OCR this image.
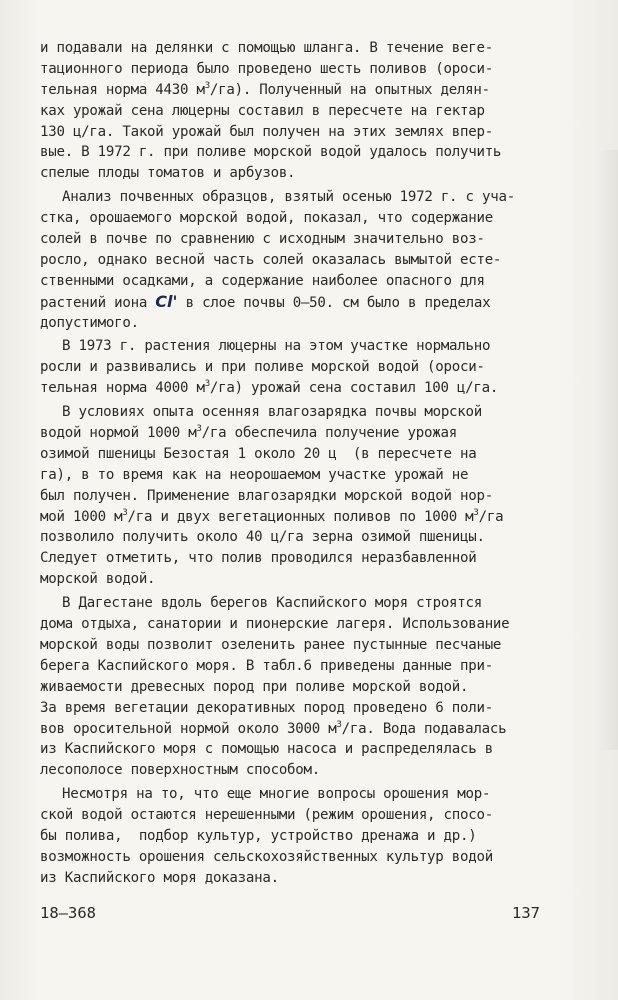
и подавали на делянки с помощью шланга. В течение веге-
тационного периода было проведено шесть поливов (ороси-
тельная норма 4430 $м^3/га$). Полученный на опытных делян-
ках урожай сена люцерны составил в пересчете на гектар
130 ц/га. Такой урожай был получен на этих землях впер-
вые. В 1972 г. при поливе морской водой удалось получить
спелые плоды томатов и арбузов.
Анализ почвенных образцов, взятый осенью 1972 г. с уча-
стка, орошаемого морской водой, показал, что содержание
солей в почве по сравнению с исходным значительно воз-
росло, однако весной часть солей оказалась вымытой есте-
ственными осадками, а содержание наиболее опасного для
растений иона Cl' в слое почвы 0–50. см было в пределах
допустимого.
В 1973 г. растения люцерны на этом участке нормально
росли и развивались и при поливе морской водой (ороси-
тельная норма 4000 $м^3/га$) урожай сена составил 100 ц/га.
В условиях опыта осенняя влагозарядка почвы морской
водой нормой 1000 $м^3/га$ обеспечила получение урожая
озимой пшеницы Безостая 1 около 20 ц  (в пересчете на
га), в то время как на неорошаемом участке урожай не
был получен. Применение влагозарядки морской водой нор-
мой 1000 $м^3/га$ и двух вегетационных поливов по 1000 $м^3/га$
позволило получить около 40 ц/га зерна озимой пшеницы.
Следует отметить, что полив проводился неразбавленной
морской водой.
В Дагестане вдоль берегов Каспийского моря строятся
дома отдыха, санатории и пионерские лагеря. Использование
морской воды позволит озеленить ранее пустынные песчаные
берега Каспийского моря. В табл.6 приведены данные при-
живаемости древесных пород при поливе морской водой.
За время вегетации декоративных пород проведено 6 поли-
вов оросительной нормой около 3000 $м^3/га$. Вода подавалась
из Каспийского моря с помощью насоса и распределялась в
лесополосе поверхностным способом.
Несмотря на то, что еще многие вопросы орошения мор-
ской водой остаются нерешенными (режим орошения, спосо-
бы полива,  подбор культур, устройство дренажа и др.)
возможность орошения сельскохозяйственных культур водой
из Каспийского моря доказана.
18–368	137
